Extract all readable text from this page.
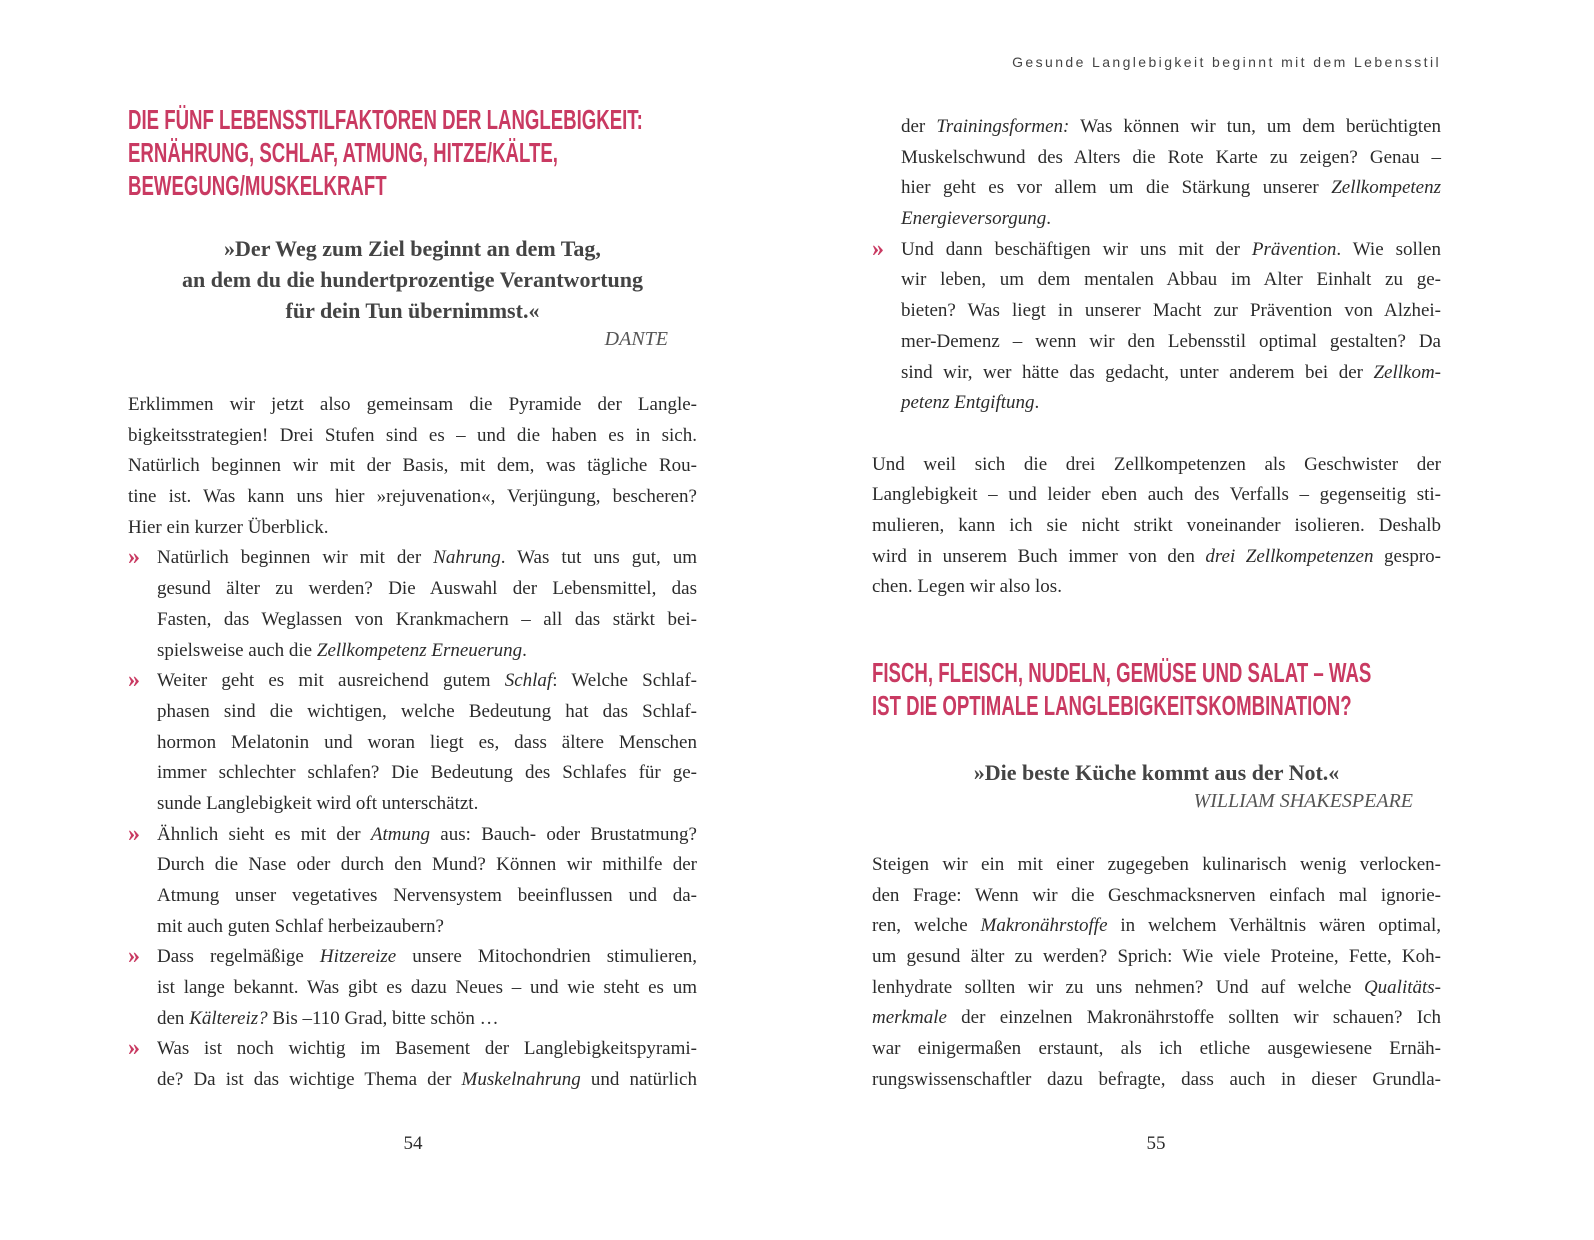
DIE FÜNF LEBENSSTILFAKTOREN DER LANGLEBIGKEIT:
ERNÄHRUNG, SCHLAF, ATMUNG, HITZE/KÄLTE,
BEWEGUNG/MUSKELKRAFT
»Der Weg zum Ziel beginnt an dem Tag,
an dem du die hundertprozentige Verantwortung
für dein Tun übernimmst.«
DANTE
Erklimmen wir jetzt also gemeinsam die Pyramide der Langle-
bigkeitsstrategien! Drei Stufen sind es – und die haben es in sich.
Natürlich beginnen wir mit der Basis, mit dem, was tägliche Rou-
tine ist. Was kann uns hier »rejuvenation«, Verjüngung, bescheren?
Hier ein kurzer Überblick.
» Natürlich beginnen wir mit der Nahrung. Was tut uns gut, um
gesund älter zu werden? Die Auswahl der Lebensmittel, das
Fasten, das Weglassen von Krankmachern – all das stärkt bei-
spielsweise auch die Zellkompetenz Erneuerung.
» Weiter geht es mit ausreichend gutem Schlaf: Welche Schlaf-
phasen sind die wichtigen, welche Bedeutung hat das Schlaf-
hormon Melatonin und woran liegt es, dass ältere Menschen
immer schlechter schlafen? Die Bedeutung des Schlafes für ge-
sunde Langlebigkeit wird oft unterschätzt.
» Ähnlich sieht es mit der Atmung aus: Bauch- oder Brustatmung?
Durch die Nase oder durch den Mund? Können wir mithilfe der
Atmung unser vegetatives Nervensystem beeinflussen und da-
mit auch guten Schlaf herbeizaubern?
» Dass regelmäßige Hitzereize unsere Mitochondrien stimulieren,
ist lange bekannt. Was gibt es dazu Neues – und wie steht es um
den Kältereiz? Bis –110 Grad, bitte schön …
» Was ist noch wichtig im Basement der Langlebigkeitspyrami-
de? Da ist das wichtige Thema der Muskelnahrung und natürlich
54
Gesunde Langlebigkeit beginnt mit dem Lebensstil
der Trainingsformen: Was können wir tun, um dem berüchtigten
Muskelschwund des Alters die Rote Karte zu zeigen? Genau –
hier geht es vor allem um die Stärkung unserer Zellkompetenz
Energieversorgung.
» Und dann beschäftigen wir uns mit der Prävention. Wie sollen
wir leben, um dem mentalen Abbau im Alter Einhalt zu ge-
bieten? Was liegt in unserer Macht zur Prävention von Alzhei-
mer-Demenz – wenn wir den Lebensstil optimal gestalten? Da
sind wir, wer hätte das gedacht, unter anderem bei der Zellkom-
petenz Entgiftung.
Und weil sich die drei Zellkompetenzen als Geschwister der
Langlebigkeit – und leider eben auch des Verfalls – gegenseitig sti-
mulieren, kann ich sie nicht strikt voneinander isolieren. Deshalb
wird in unserem Buch immer von den drei Zellkompetenzen gespro-
chen. Legen wir also los.
FISCH, FLEISCH, NUDELN, GEMÜSE UND SALAT – WAS
IST DIE OPTIMALE LANGLEBIGKEITSKOMBINATION?
»Die beste Küche kommt aus der Not.«
WILLIAM SHAKESPEARE
Steigen wir ein mit einer zugegeben kulinarisch wenig verlocken-
den Frage: Wenn wir die Geschmacksnerven einfach mal ignorie-
ren, welche Makronährstoffe in welchem Verhältnis wären optimal,
um gesund älter zu werden? Sprich: Wie viele Proteine, Fette, Koh-
lenhydrate sollten wir zu uns nehmen? Und auf welche Qualitäts-
merkmale der einzelnen Makronährstoffe sollten wir schauen? Ich
war einigermaßen erstaunt, als ich etliche ausgewiesene Ernäh-
rungswissenschaftler dazu befragte, dass auch in dieser Grundla-
55
